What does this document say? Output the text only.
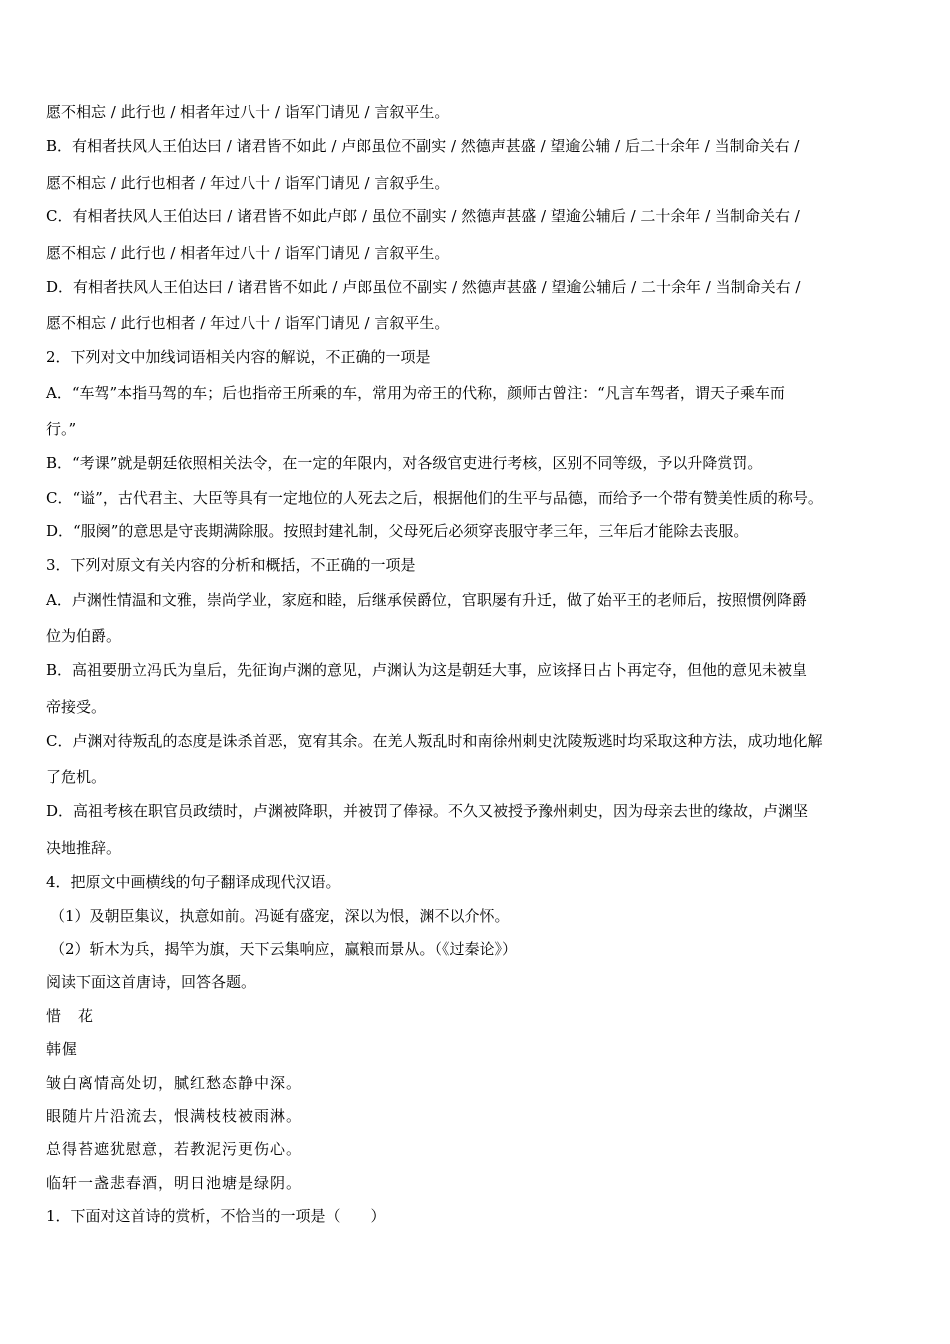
愿不相忘 / 此行也 / 相者年过八十 / 诣军门请见 / 言叙平生。
B．有相者扶风人王伯达曰 / 诸君皆不如此 / 卢郎虽位不副实 / 然德声甚盛 / 望逾公辅 / 后二十余年 / 当制命关右 /
愿不相忘 / 此行也相者 / 年过八十 / 诣军门请见 / 言叙乎生。
C．有相者扶风人王伯达曰 / 诸君皆不如此卢郎 / 虽位不副实 / 然德声甚盛 / 望逾公辅后 / 二十余年 / 当制命关右 /
愿不相忘 / 此行也 / 相者年过八十 / 诣军门请见 / 言叙平生。
D．有相者扶风人王伯达曰 / 诸君皆不如此 / 卢郎虽位不副实 / 然德声甚盛 / 望逾公辅后 / 二十余年 / 当制命关右 /
愿不相忘 / 此行也相者 / 年过八十 / 诣军门请见 / 言叙平生。
2．下列对文中加线词语相关内容的解说，不正确的一项是
A．“车驾”本指马驾的车；后也指帝王所乘的车，常用为帝王的代称，颜师古曾注：“凡言车驾者，谓天子乘车而
行。”
B．“考课”就是朝廷依照相关法令，在一定的年限内，对各级官吏进行考核，区别不同等级，予以升降赏罚。
C．“谥”，古代君主、大臣等具有一定地位的人死去之后，根据他们的生平与品德，而给予一个带有赞美性质的称号。
D．“服阕”的意思是守丧期满除服。按照封建礼制，父母死后必须穿丧服守孝三年，三年后才能除去丧服。
3．下列对原文有关内容的分析和概括，不正确的一项是
A．卢渊性情温和文雅，崇尚学业，家庭和睦，后继承侯爵位，官职屡有升迁，做了始平王的老师后，按照惯例降爵
位为伯爵。
B．高祖要册立冯氏为皇后，先征询卢渊的意见，卢渊认为这是朝廷大事，应该择日占卜再定夺，但他的意见未被皇
帝接受。
C．卢渊对待叛乱的态度是诛杀首恶，宽宥其余。在羌人叛乱时和南徐州刺史沈陵叛逃时均采取这种方法，成功地化解
了危机。
D．高祖考核在职官员政绩时，卢渊被降职，并被罚了俸禄。不久又被授予豫州刺史，因为母亲去世的缘故，卢渊坚
决地推辞。
4．把原文中画横线的句子翻译成现代汉语。
（1）及朝臣集议，执意如前。冯诞有盛宠，深以为恨，渊不以介怀。
（2）斩木为兵，揭竿为旗，天下云集响应，赢粮而景从。（《过秦论》）
阅读下面这首唐诗，回答各题。
惜　花
韩偓
皱白离情高处切，腻红愁态静中深。
眼随片片沿流去，恨满枝枝被雨淋。
总得苔遮犹慰意，若教泥污更伤心。
临轩一盏悲春酒，明日池塘是绿阴。
1．下面对这首诗的赏析，不恰当的一项是（　　）
